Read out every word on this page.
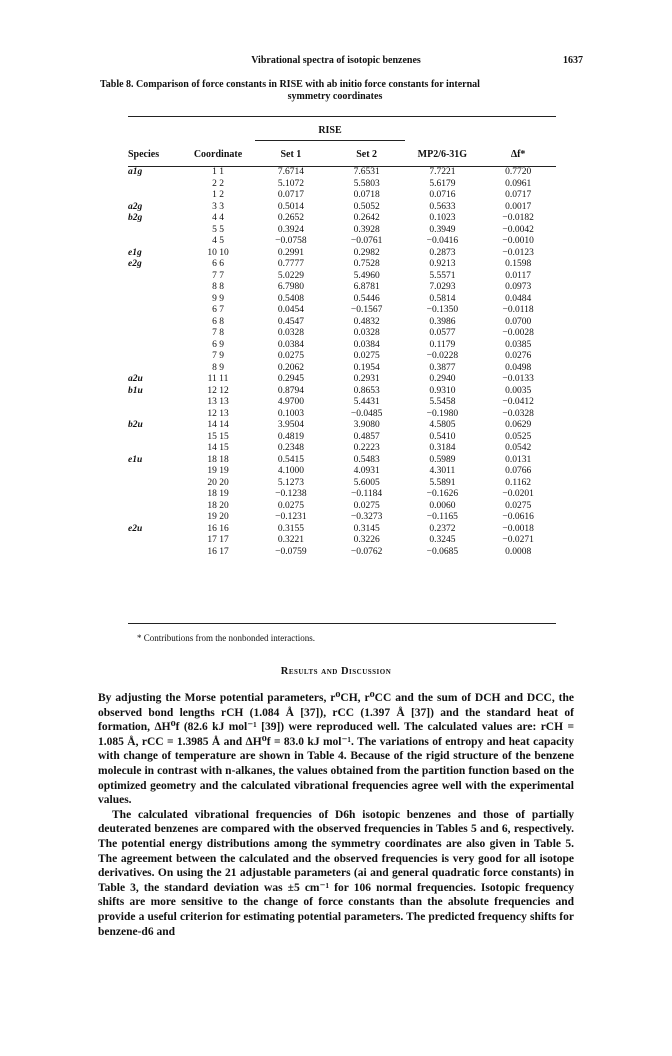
Vibrational spectra of isotopic benzenes	1637
Table 8. Comparison of force constants in RISE with ab initio force constants for internal
symmetry coordinates
RISE
Species	Coordinate	Set 1	Set 2	MP2/6-31G	Δf*

a1g	1 1	7.6714	7.6531	7.7221	0.7720
	2 2	5.1072	5.5803	5.6179	0.0961
	1 2	0.0717	0.0718	0.0716	0.0717
a2g	3 3	0.5014	0.5052	0.5633	0.0017
b2g	4 4	0.2652	0.2642	0.1023	−0.0182
	5 5	0.3924	0.3928	0.3949	−0.0042
	4 5	−0.0758	−0.0761	−0.0416	−0.0010
e1g	10 10	0.2991	0.2982	0.2873	−0.0123
e2g	6 6	0.7777	0.7528	0.9213	0.1598
	7 7	5.0229	5.4960	5.5571	0.0117
	8 8	6.7980	6.8781	7.0293	0.0973
	9 9	0.5408	0.5446	0.5814	0.0484
	6 7	0.0454	−0.1567	−0.1350	−0.0118
	6 8	0.4547	0.4832	0.3986	0.0700
	7 8	0.0328	0.0328	0.0577	−0.0028
	6 9	0.0384	0.0384	0.1179	0.0385
	7 9	0.0275	0.0275	−0.0228	0.0276
	8 9	0.2062	0.1954	0.3877	0.0498
a2u	11 11	0.2945	0.2931	0.2940	−0.0133
b1u	12 12	0.8794	0.8653	0.9310	0.0035
	13 13	4.9700	5.4431	5.5458	−0.0412
	12 13	0.1003	−0.0485	−0.1980	−0.0328
b2u	14 14	3.9504	3.9080	4.5805	0.0629
	15 15	0.4819	0.4857	0.5410	0.0525
	14 15	0.2348	0.2223	0.3184	0.0542
e1u	18 18	0.5415	0.5483	0.5989	0.0131
	19 19	4.1000	4.0931	4.3011	0.0766
	20 20	5.1273	5.6005	5.5891	0.1162
	18 19	−0.1238	−0.1184	−0.1626	−0.0201
	18 20	0.0275	0.0275	0.0060	0.0275
	19 20	−0.1231	−0.3273	−0.1165	−0.0616
e2u	16 16	0.3155	0.3145	0.2372	−0.0018
	17 17	0.3221	0.3226	0.3245	−0.0271
	16 17	−0.0759	−0.0762	−0.0685	0.0008
* Contributions from the nonbonded interactions.
Results and Discussion

By adjusting the Morse potential parameters, r⁰CH, r⁰CC and the sum of DCH and DCC, the observed bond lengths rCH (1.084 Å [37]), rCC (1.397 Å [37]) and the standard heat of formation, ΔH⁰f (82.6 kJ mol⁻¹ [39]) were reproduced well. The calculated values are: rCH = 1.085 Å, rCC = 1.3985 Å and ΔH⁰f = 83.0 kJ mol⁻¹. The variations of entropy and heat capacity with change of temperature are shown in Table 4. Because of the rigid structure of the benzene molecule in contrast with n-alkanes, the values obtained from the partition function based on the optimized geometry and the calculated vibrational frequencies agree well with the experimental values.

The calculated vibrational frequencies of D6h isotopic benzenes and those of partially deuterated benzenes are compared with the observed frequencies in Tables 5 and 6, respectively. The potential energy distributions among the symmetry coordinates are also given in Table 5. The agreement between the calculated and the observed frequencies is very good for all isotope derivatives. On using the 21 adjustable parameters (ai and general quadratic force constants) in Table 3, the standard deviation was ±5 cm⁻¹ for 106 normal frequencies. Isotopic frequency shifts are more sensitive to the change of force constants than the absolute frequencies and provide a useful criterion for estimating potential parameters. The predicted frequency shifts for benzene-d6 and
